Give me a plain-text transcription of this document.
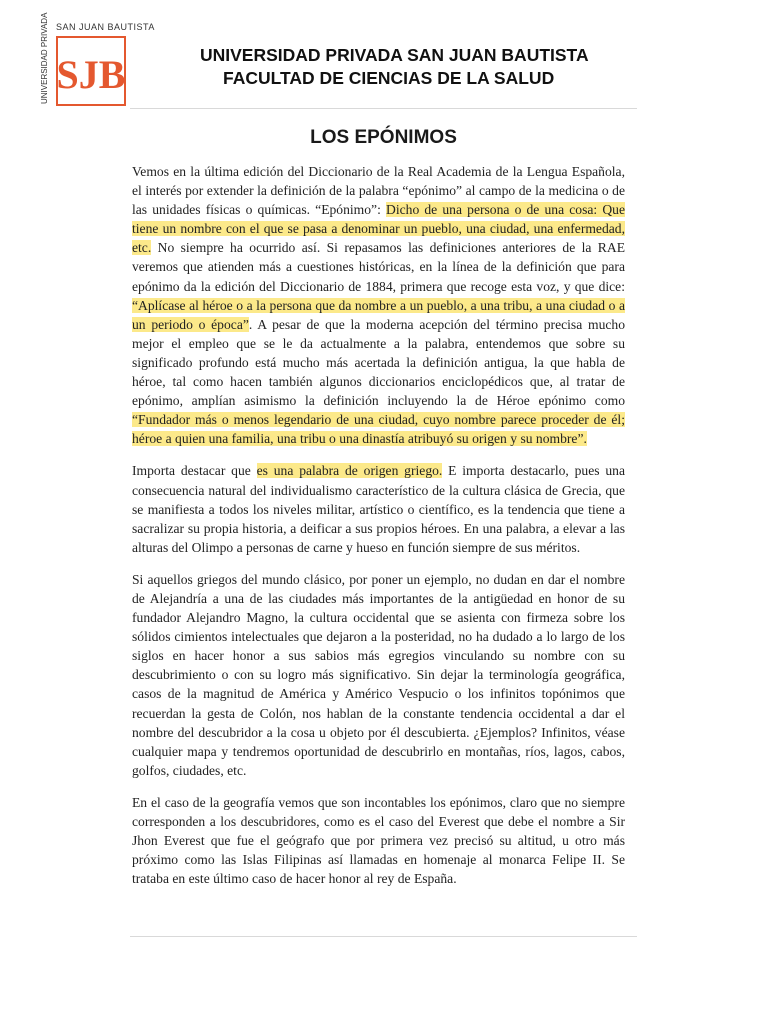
SAN JUAN BAUTISTA
UNIVERSIDAD PRIVADA SJB	UNIVERSIDAD PRIVADA SAN JUAN BAUTISTA
FACULTAD DE CIENCIAS DE LA SALUD
LOS EPÓNIMOS

Vemos en la última edición del Diccionario de la Real Academia de la Lengua Española, el interés por extender la definición de la palabra “epónimo” al campo de la medicina o de las unidades físicas o químicas. “Epónimo”: Dicho de una persona o de una cosa: Que tiene un nombre con el que se pasa a denominar un pueblo, una ciudad, una enfermedad, etc. No siempre ha ocurrido así. Si repasamos las definiciones anteriores de la RAE veremos que atienden más a cuestiones históricas, en la línea de la definición que para epónimo da la edición del Diccionario de 1884, primera que recoge esta voz, y que dice: “Aplícase al héroe o a la persona que da nombre a un pueblo, a una tribu, a una ciudad o a un periodo o época”. A pesar de que la moderna acepción del término precisa mucho mejor el empleo que se le da actualmente a la palabra, entendemos que sobre su significado profundo está mucho más acertada la definición antigua, la que habla de héroe, tal como hacen también algunos diccionarios enciclopédicos que, al tratar de epónimo, amplían asimismo la definición incluyendo la de Héroe epónimo como “Fundador más o menos legendario de una ciudad, cuyo nombre parece proceder de él; héroe a quien una familia, una tribu o una dinastía atribuyó su origen y su nombre”.

Importa destacar que es una palabra de origen griego. E importa destacarlo, pues una consecuencia natural del individualismo característico de la cultura clásica de Grecia, que se manifiesta a todos los niveles militar, artístico o científico, es la tendencia que tiene a sacralizar su propia historia, a deificar a sus propios héroes. En una palabra, a elevar a las alturas del Olimpo a personas de carne y hueso en función siempre de sus méritos.

Si aquellos griegos del mundo clásico, por poner un ejemplo, no dudan en dar el nombre de Alejandría a una de las ciudades más importantes de la antigüedad en honor de su fundador Alejandro Magno, la cultura occidental que se asienta con firmeza sobre los sólidos cimientos intelectuales que dejaron a la posteridad, no ha dudado a lo largo de los siglos en hacer honor a sus sabios más egregios vinculando su nombre con su descubrimiento o con su logro más significativo. Sin dejar la terminología geográfica, casos de la magnitud de América y Américo Vespucio o los infinitos topónimos que recuerdan la gesta de Colón, nos hablan de la constante tendencia occidental a dar el nombre del descubridor a la cosa u objeto por él descubierta. ¿Ejemplos? Infinitos, véase cualquier mapa y tendremos oportunidad de descubrirlo en montañas, ríos, lagos, cabos, golfos, ciudades, etc.

En el caso de la geografía vemos que son incontables los epónimos, claro que no siempre corresponden a los descubridores, como es el caso del Everest que debe el nombre a Sir Jhon Everest que fue el geógrafo que por primera vez precisó su altitud, u otro más próximo como las Islas Filipinas así llamadas en homenaje al monarca Felipe II. Se trataba en este último caso de hacer honor al rey de España.
